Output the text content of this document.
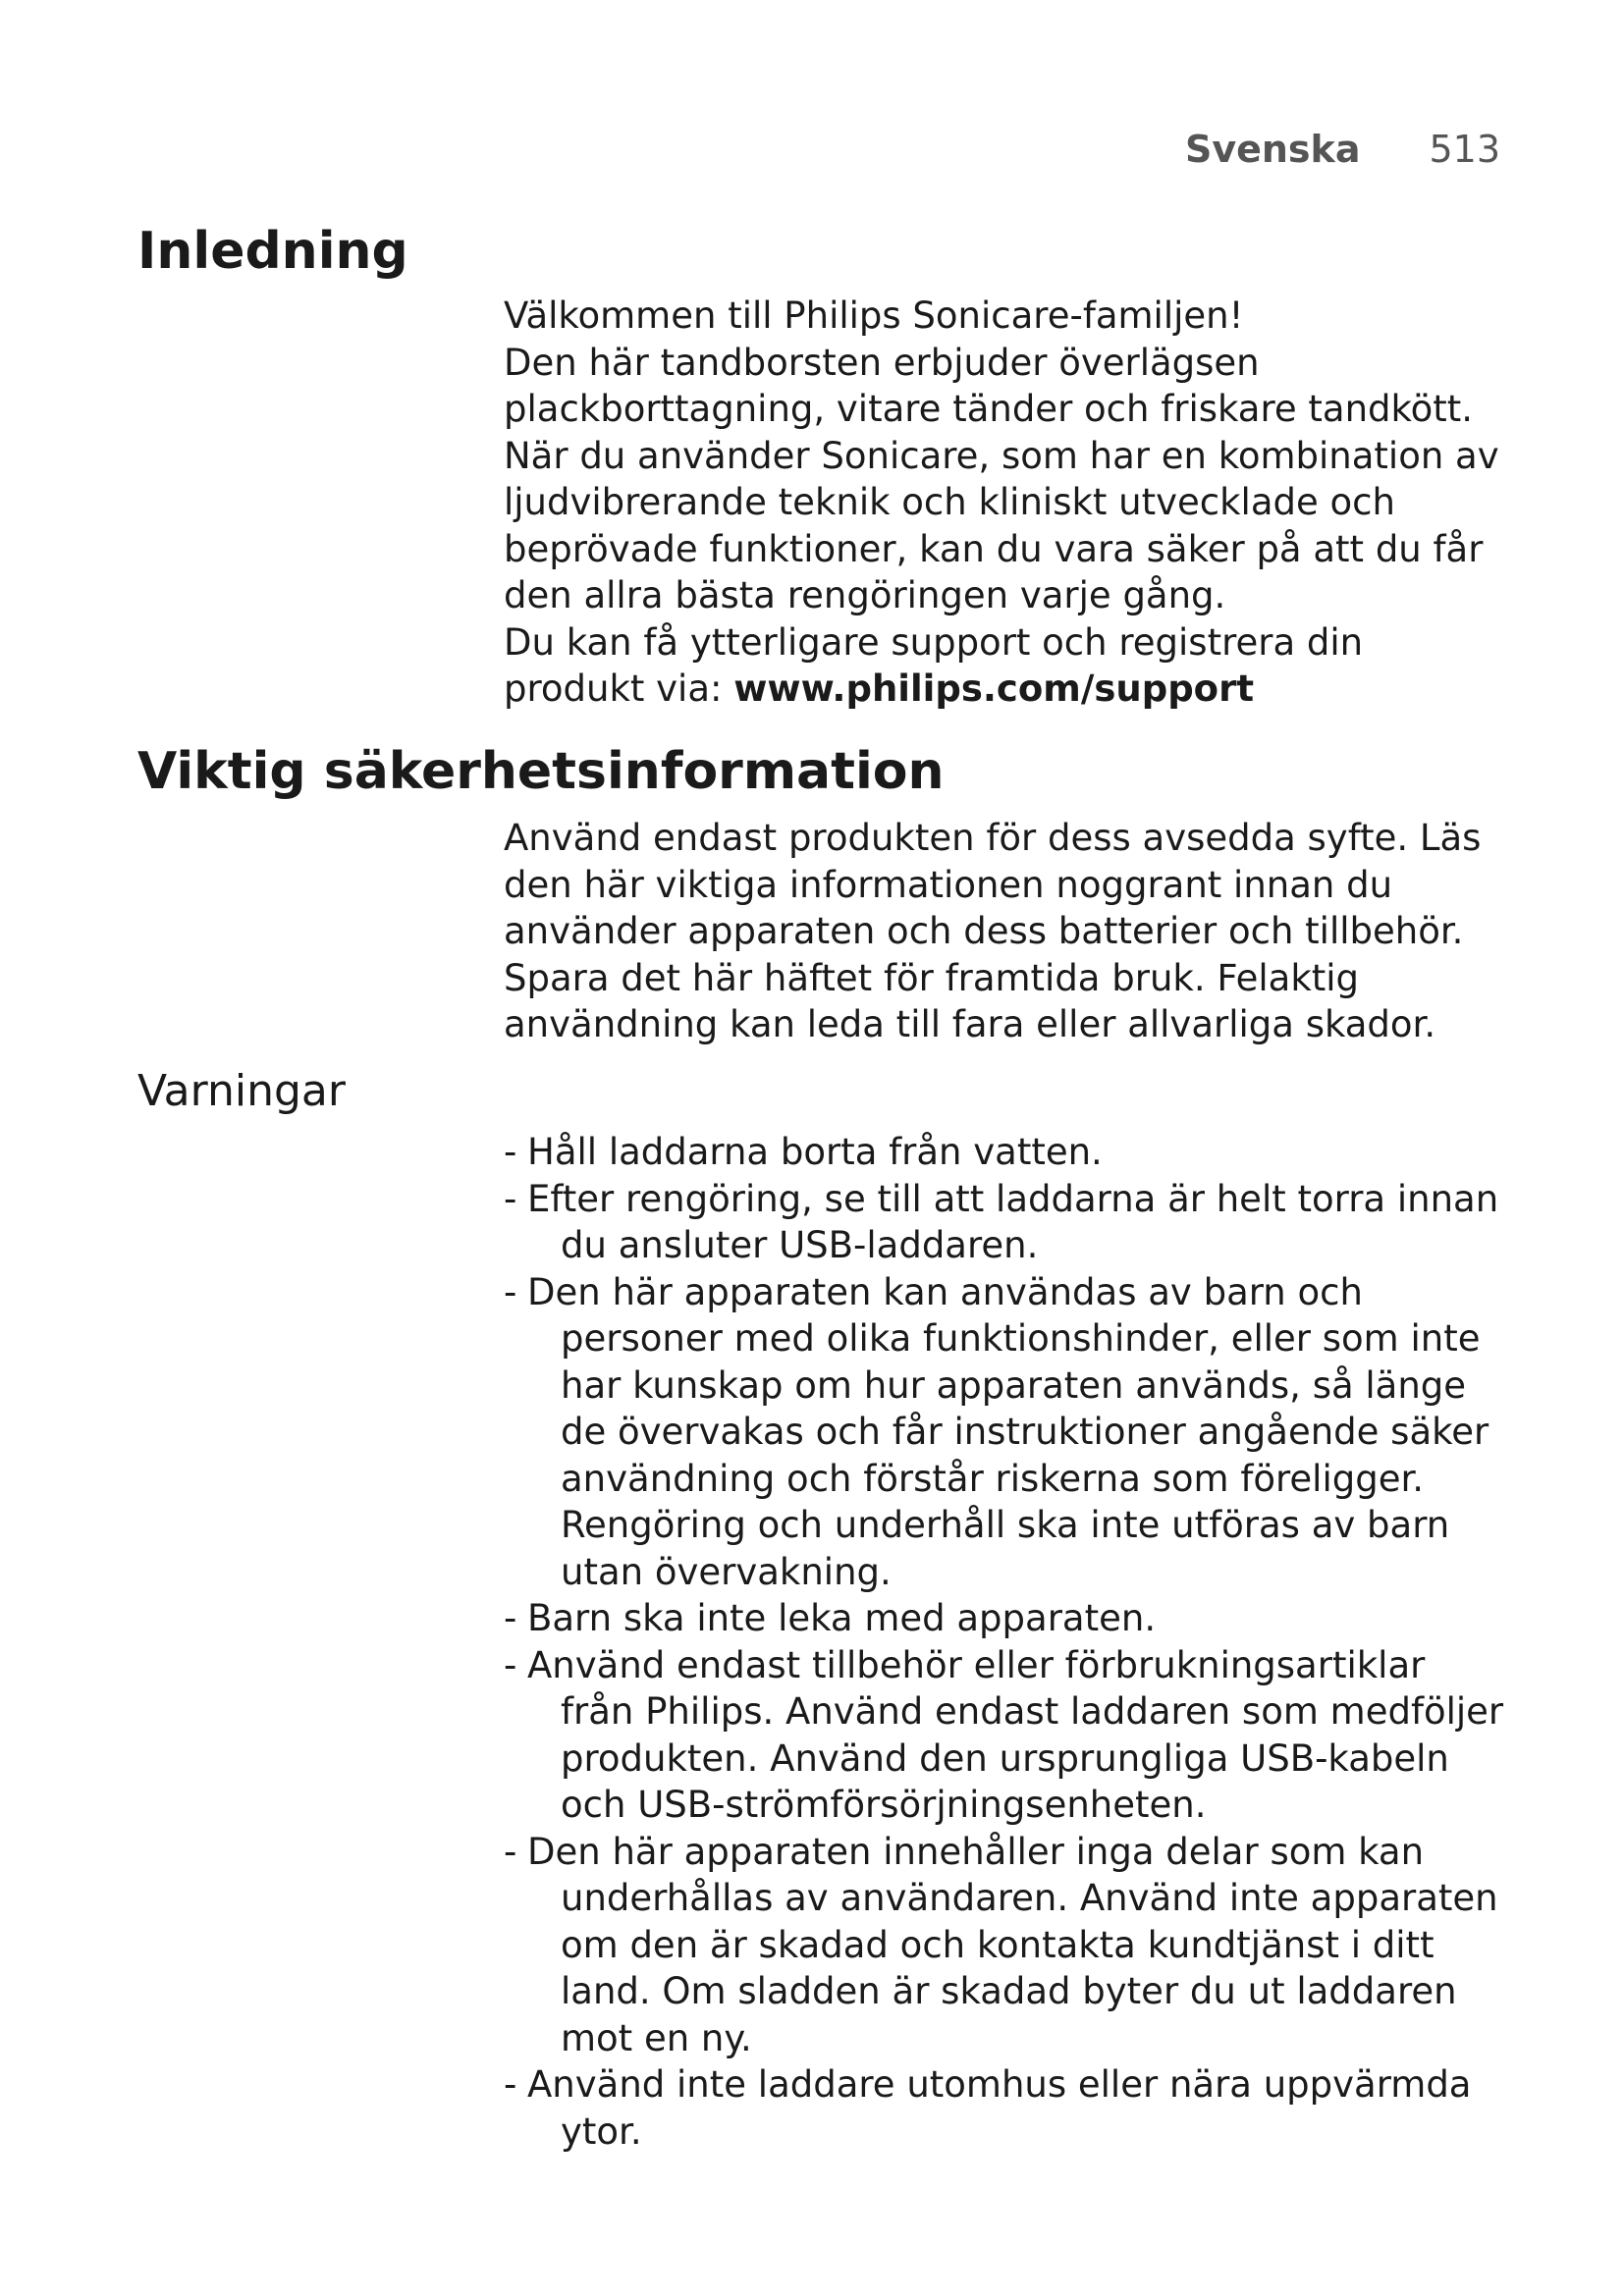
Svenska 513
Inledning

Välkommen till Philips Sonicare-familjen!

Den här tandborsten erbjuder överlägsen plackborttagning, vitare tänder och friskare tandkött. När du använder Sonicare, som har en kombination av ljudvibrerande teknik och kliniskt utvecklade och beprövade funktioner, kan du vara säker på att du får den allra bästa rengöringen varje gång.

Du kan få ytterligare support och registrera din produkt via: www.philips.com/support

Viktig säkerhetsinformation

Använd endast produkten för dess avsedda syfte. Läs den här viktiga informationen noggrant innan du använder apparaten och dess batterier och tillbehör. Spara det här häftet för framtida bruk. Felaktig användning kan leda till fara eller allvarliga skador.

Varningar
- Håll laddarna borta från vatten.
- Efter rengöring, se till att laddarna är helt torra innan du ansluter USB-laddaren.
- Den här apparaten kan användas av barn och personer med olika funktionshinder, eller som inte har kunskap om hur apparaten används, så länge de övervakas och får instruktioner angående säker användning och förstår riskerna som föreligger. Rengöring och underhåll ska inte utföras av barn utan övervakning.
- Barn ska inte leka med apparaten.
- Använd endast tillbehör eller förbrukningsartiklar från Philips. Använd endast laddaren som medföljer produkten. Använd den ursprungliga USB-kabeln och USB-strömförsörjningsenheten.
- Den här apparaten innehåller inga delar som kan underhållas av användaren. Använd inte apparaten om den är skadad och kontakta kundtjänst i ditt land. Om sladden är skadad byter du ut laddaren mot en ny.
- Använd inte laddare utomhus eller nära uppvärmda ytor.
